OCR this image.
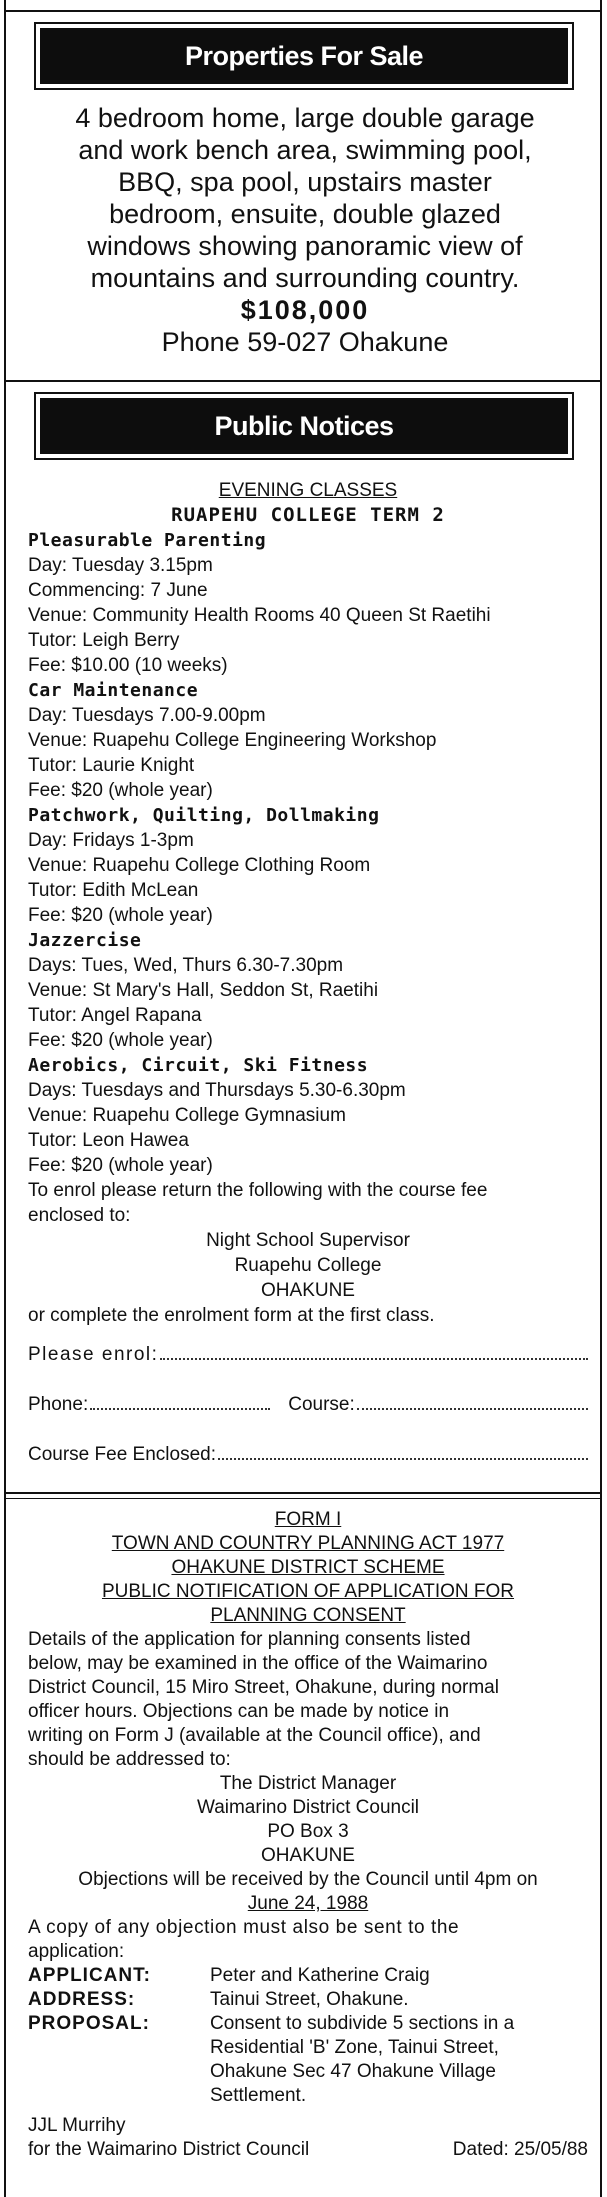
Properties For Sale
4 bedroom home, large double garage
and work bench area, swimming pool,
BBQ, spa pool, upstairs master
bedroom, ensuite, double glazed
windows showing panoramic view of
mountains and surrounding country.
$108,000
Phone 59-027 Ohakune
Public Notices
EVENING CLASSES
RUAPEHU COLLEGE TERM 2
Pleasurable Parenting
Day: Tuesday 3.15pm
Commencing: 7 June
Venue: Community Health Rooms 40 Queen St Raetihi
Tutor: Leigh Berry
Fee: $10.00 (10 weeks)
Car Maintenance
Day: Tuesdays 7.00-9.00pm
Venue: Ruapehu College Engineering Workshop
Tutor: Laurie Knight
Fee: $20 (whole year)
Patchwork, Quilting, Dollmaking
Day: Fridays 1-3pm
Venue: Ruapehu College Clothing Room
Tutor: Edith McLean
Fee: $20 (whole year)
Jazzercise
Days: Tues, Wed, Thurs 6.30-7.30pm
Venue: St Mary's Hall, Seddon St, Raetihi
Tutor: Angel Rapana
Fee: $20 (whole year)
Aerobics, Circuit, Ski Fitness
Days: Tuesdays and Thursdays 5.30-6.30pm
Venue: Ruapehu College Gymnasium
Tutor: Leon Hawea
Fee: $20 (whole year)
To enrol please return the following with the course fee
enclosed to:
Night School Supervisor
Ruapehu College
OHAKUNE
or complete the enrolment form at the first class.
Please enrol:
Phone:	Course:
Course Fee Enclosed:
FORM I
TOWN AND COUNTRY PLANNING ACT 1977
OHAKUNE DISTRICT SCHEME
PUBLIC NOTIFICATION OF APPLICATION FOR
PLANNING CONSENT
Details of the application for planning consents listed
below, may be examined in the office of the Waimarino
District Council, 15 Miro Street, Ohakune, during normal
officer hours. Objections can be made by notice in
writing on Form J (available at the Council office), and
should be addressed to:
The District Manager
Waimarino District Council
PO Box 3
OHAKUNE
Objections will be received by the Council until 4pm on
June 24, 1988
A copy of any objection must also be sent to the
application:
APPLICANT:	Peter and Katherine Craig
ADDRESS:	Tainui Street, Ohakune.
PROPOSAL:	Consent to subdivide 5 sections in a
Residential 'B' Zone, Tainui Street,
Ohakune Sec 47 Ohakune Village
Settlement.
JJL Murrihy
for the Waimarino District Council	Dated: 25/05/88
